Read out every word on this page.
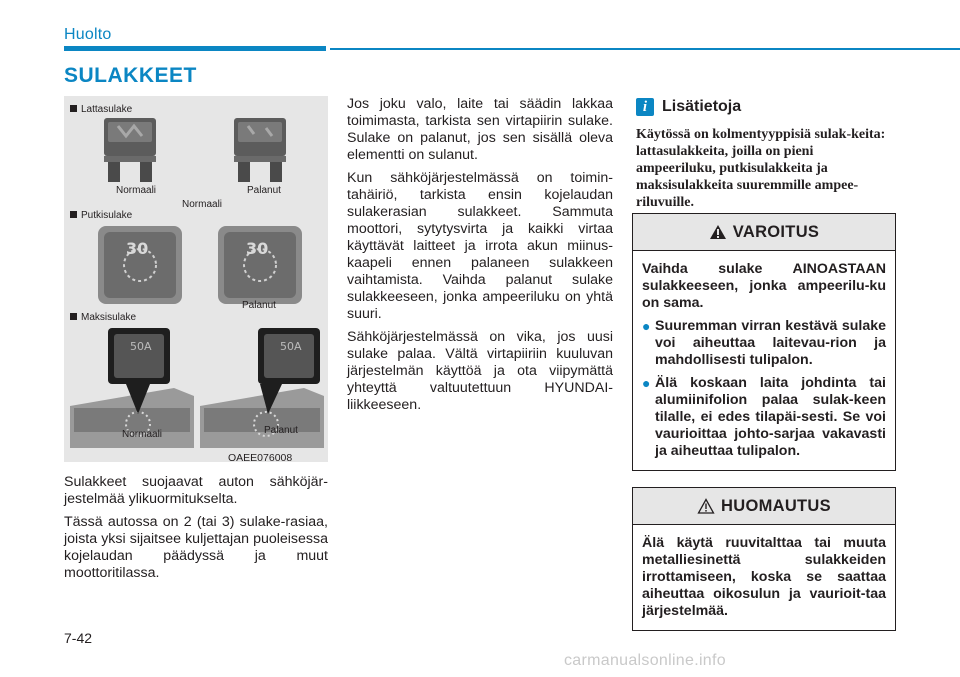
Huolto
SULAKKEET
30	30
50A	50A
Lattasulake
Normaali	Palanut
Normaali
Putkisulake
Palanut
Maksisulake
Normaali	Palanut
OAEE076008

Sulakkeet suojaavat auton sähköjär-jestelmää ylikuormitukselta.

Tässä autossa on 2 (tai 3) sulake-rasiaa, joista yksi sijaitsee kuljettajan puoleisessa kojelaudan päädyssä ja muut moottoritilassa.

Jos joku valo, laite tai säädin lakkaa toimimasta, tarkista sen virtapiirin sulake. Sulake on palanut, jos sen sisällä oleva elementti on sulanut.

Kun sähköjärjestelmässä on toimin-tahäiriö, tarkista ensin kojelaudan sulakerasian sulakkeet. Sammuta moottori, sytytysvirta ja kaikki virtaa käyttävät laitteet ja irrota akun miinus-kaapeli ennen palaneen sulakkeen vaihtamista. Vaihda palanut sulake sulakkeeseen, jonka ampeeriluku on yhtä suuri.

Sähköjärjestelmässä on vika, jos uusi sulake palaa. Vältä virtapiiriin kuuluvan järjestelmän käyttöä ja ota viipymättä yhteyttä valtuutettuun HYUNDAI-liikkeeseen.

i Lisätietoja
Käytössä on kolmentyyppisiä sulak-keita: lattasulakkeita, joilla on pieni ampeeriluku, putkisulakkeita ja maksisulakkeita suuremmille ampee-riluvuille.
VAROITUS
Vaihda sulake AINOASTAAN sulakkeeseen, jonka ampeerilu-ku on sama.
● Suuremman virran kestävä sulake voi aiheuttaa laitevau-rion ja mahdollisesti tulipalon.
● Älä koskaan laita johdinta tai alumiinifolion palaa sulak-keen tilalle, ei edes tilapäi-sesti. Se voi vaurioittaa johto-sarjaa vakavasti ja aiheuttaa tulipalon.
HUOMAUTUS
Älä käytä ruuvitalttaa tai muuta metalliesinettä sulakkeiden irrottamiseen, koska se saattaa aiheuttaa oikosulun ja vaurioit-taa järjestelmää.
7-42
carmanualsonline.info
